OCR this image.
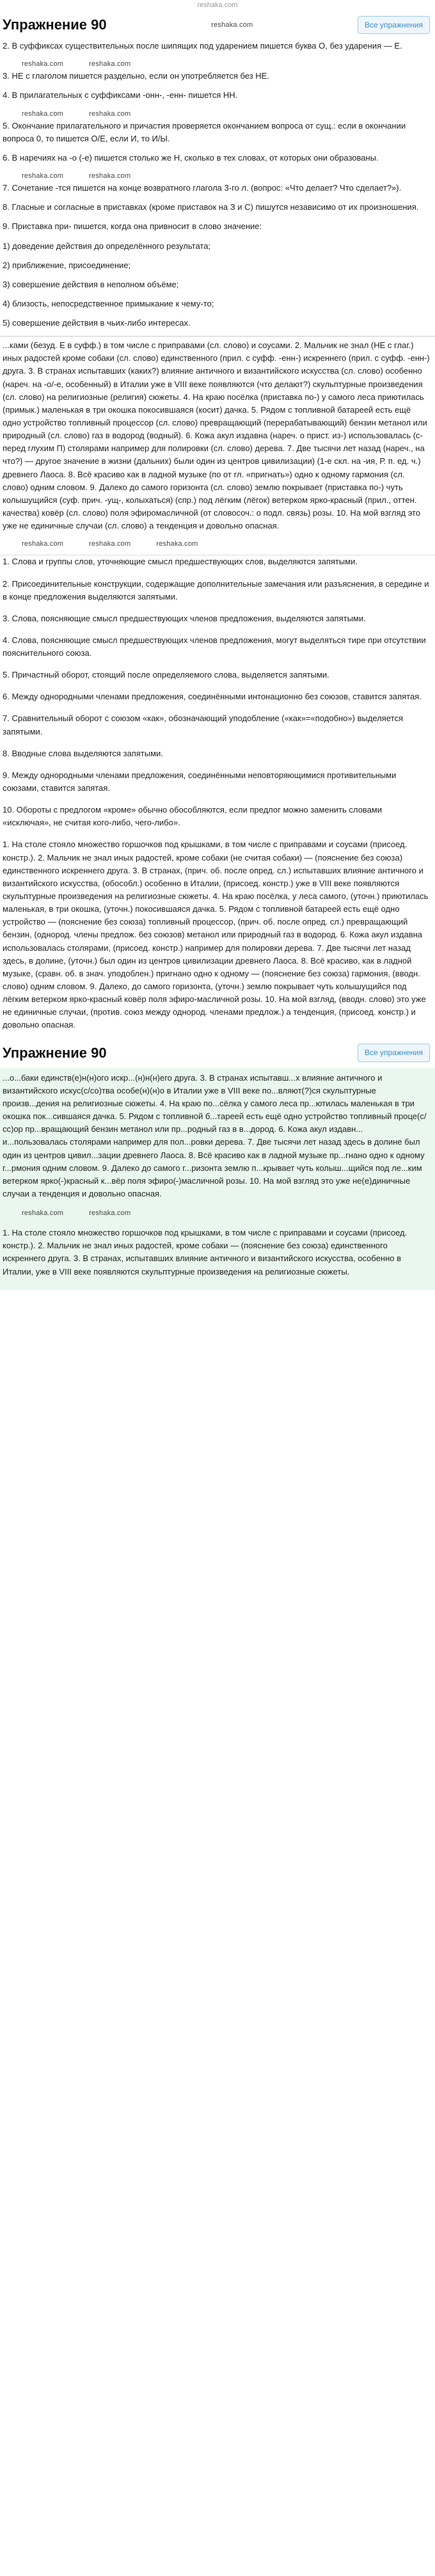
reshaka.com
Упражнение 90	reshaka.com	Все упражнения

2. В суффиксах существительных после шипящих под ударением пишется буква О, без ударения — Е.

reshaka.com	reshaka.com

3. НЕ с глаголом пишется раздельно, если он употребляется без НЕ.

4. В прилагательных с суффиксами -онн-, -енн- пишется НН.

reshaka.com	reshaka.com

5. Окончание прилагательного и причастия проверяется окончанием вопроса от сущ.: если в окончании вопроса 0, то пишется О/Е, если И, то И/Ы.

6. В наречиях на -о (-е) пишется столько же Н, сколько в тех словах, от которых они образованы.

reshaka.com	reshaka.com

7. Сочетание -тся пишется на конце возвратного глагола 3-го л. (вопрос: «Что делает? Что сделает?»).

8. Гласные и согласные в приставках (кроме приставок на З и С) пишутся независимо от их произношения.

9. Приставка при- пишется, когда она привносит в слово значение:

1) доведение действия до определённого результата;

2) приближение, присоединение;

3) совершение действия в неполном объёме;

4) близость, непосредственное примыкание к чему-то;

5) совершение действия в чьих-либо интересах.

...ками (безуд. Е в суфф.) в том числе с приправами (сл. слово) и соусами. 2. Мальчик не знал (НЕ с глаг.) иных радостей кроме собаки (сл. слово) единственного (прил. с суфф. -енн-) искреннего (прил. с суфф. -енн-) друга. 3. В странах испытавших (каких?) влияние античного и византийского искусства (сл. слово) особенно (нареч. на -о/-е, особенный) в Италии уже в VIII веке появляются (что делают?) скульптурные произведения (сл. слово) на религиозные (религия) сюжеты. 4. На краю посёлка (приставка по-) у самого леса приютилась (примык.) маленькая в три окошка покосившаяся (косит) дачка. 5. Рядом с топливной батареей есть ещё одно устройство топливный процессор (сл. слово) превращающий (перерабатывающий) бензин метанол или природный (сл. слово) газ в водород (водный). 6. Кожа акул издавна (нареч. о прист. из-) использовалась (с- перед глухим П) столярами например для полировки (сл. слово) дерева. 7. Две тысячи лет назад (нареч., на что?) — другое значение в жизни (дальних) были один из центров цивилизации) (1-е скл. на -ия, Р. п. ед. ч.) древнего Лаоса. 8. Всё красиво как в ладной музыке (по от гл. «пригнать») одно к одному гармония (сл. слово) одним словом. 9. Далеко до самого горизонта (сл. слово) землю покрывает (приставка по-) чуть колышущийся (суф. прич. -ущ-, колыхаться) (спр.) под лёгким (лёгок) ветерком ярко-красный (прил., оттен. качества) ковёр (сл. слово) поля эфиромасличной (от словосоч.: о подл. связь) розы. 10. На мой взгляд это уже не единичные случаи (сл. слово) а тенденция и довольно опасная.

reshaka.com	reshaka.com	reshaka.com

1. Слова и группы слов, уточняющие смысл предшествующих слов, выделяются запятыми.

2. Присоединительные конструкции, содержащие дополнительные замечания или разъяснения, в середине и в конце предложения выделяются запятыми.

3. Слова, поясняющие смысл предшествующих членов предложения, выделяются запятыми.

4. Слова, поясняющие смысл предшествующих членов предложения, могут выделяться тире при отсутствии пояснительного союза.

5. Причастный оборот, стоящий после определяемого слова, выделяется запятыми.

6. Между однородными членами предложения, соединёнными интонационно без союзов, ставится запятая.

7. Сравнительный оборот с союзом «как», обозначающий уподобление («как»=«подобно») выделяется запятыми.

8. Вводные слова выделяются запятыми.

9. Между однородными членами предложения, соединёнными неповторяющимися противительными союзами, ставится запятая.

10. Обороты с предлогом «кроме» обычно обособляются, если предлог можно заменить словами «исключая», не считая кого-либо, чего-либо».

1. На столе стояло множество горшочков под крышками, в том числе с приправами и соусами (присоед. констр.). 2. Мальчик не знал иных радостей, кроме собаки (не считая собаки) — (пояснение без союза) единственного искреннего друга. 3. В странах, (прич. об. после опред. сл.) испытавших влияние античного и византийского искусства, (обособл.) особенно в Италии, (присоед. констр.) уже в VIII веке появляются скульптурные произведения на религиозные сюжеты. 4. На краю посёлка, у леса самого, (уточн.) приютилась маленькая, в три окошка, (уточн.) покосившаяся дачка. 5. Рядом с топливной батареей есть ещё одно устройство — (пояснение без союза) топливный процессор, (прич. об. после опред. сл.) превращающий бензин, (однород. члены предлож. без союзов) метанол или природный газ в водород. 6. Кожа акул издавна использовалась столярами, (присоед. констр.) например для полировки дерева. 7. Две тысячи лет назад здесь, в долине, (уточн.) был один из центров цивилизации древнего Лаоса. 8. Всё красиво, как в ладной музыке, (сравн. об. в знач. уподоблен.) пригнано одно к одному — (пояснение без союза) гармония, (вводн. слово) одним словом. 9. Далеко, до самого горизонта, (уточн.) землю покрывает чуть колышущийся под лёгким ветерком ярко-красный ковёр поля эфиро-масличной розы. 10. На мой взгляд, (вводн. слово) это уже не единичные случаи, (против. союз между однород. членами предлож.) а тенденция, (присоед. констр.) и довольно опасная.

Упражнение 90	Все упражнения

...о...баки единств(е)н(н)ого искр...(н)н(н)его друга. 3. В странах испытавш...х влияние античного и византийского искус(с/со)тва особе(н)(н)о в Италии уже в VIII веке по...вляют(?)ся скульптурные произв...дения на религиозные сюжеты. 4. На краю по...сёлка у самого леса пр...ютилась маленькая в три окошка пок...сившаяся дачка. 5. Рядом с топливной б...тареей есть ещё одно устройство топливный проце(с/сс)ор пр...вращающий бензин метанол или пр...родный газ в в...дород. 6. Кожа акул издавн... и...пользовалась столярами например для пол...ровки дерева. 7. Две тысячи лет назад здесь в долине был один из центров цивил...зации древнего Лаоса. 8. Всё красиво как в ладной музыке пр...гнано одно к одному г...рмония одним словом. 9. Далеко до самого г...ризонта землю п...крывает чуть колыш...щийся под ле...ким ветерком ярко(-)красный к...вёр поля эфиро(-)масличной розы. 10. На мой взгляд это уже не(е)диничные случаи а тенденция и довольно опасная.

reshaka.com	reshaka.com

1. На столе стояло множество горшочков под крышками, в том числе с приправами и соусами (присоед. констр.). 2. Мальчик не знал иных радостей, кроме собаки — (пояснение без союза) единственного искреннего друга. 3. В странах, испытавших влияние античного и византийского искусства, особенно в Италии, уже в VIII веке появляются скульптурные произведения на религиозные сюжеты.
